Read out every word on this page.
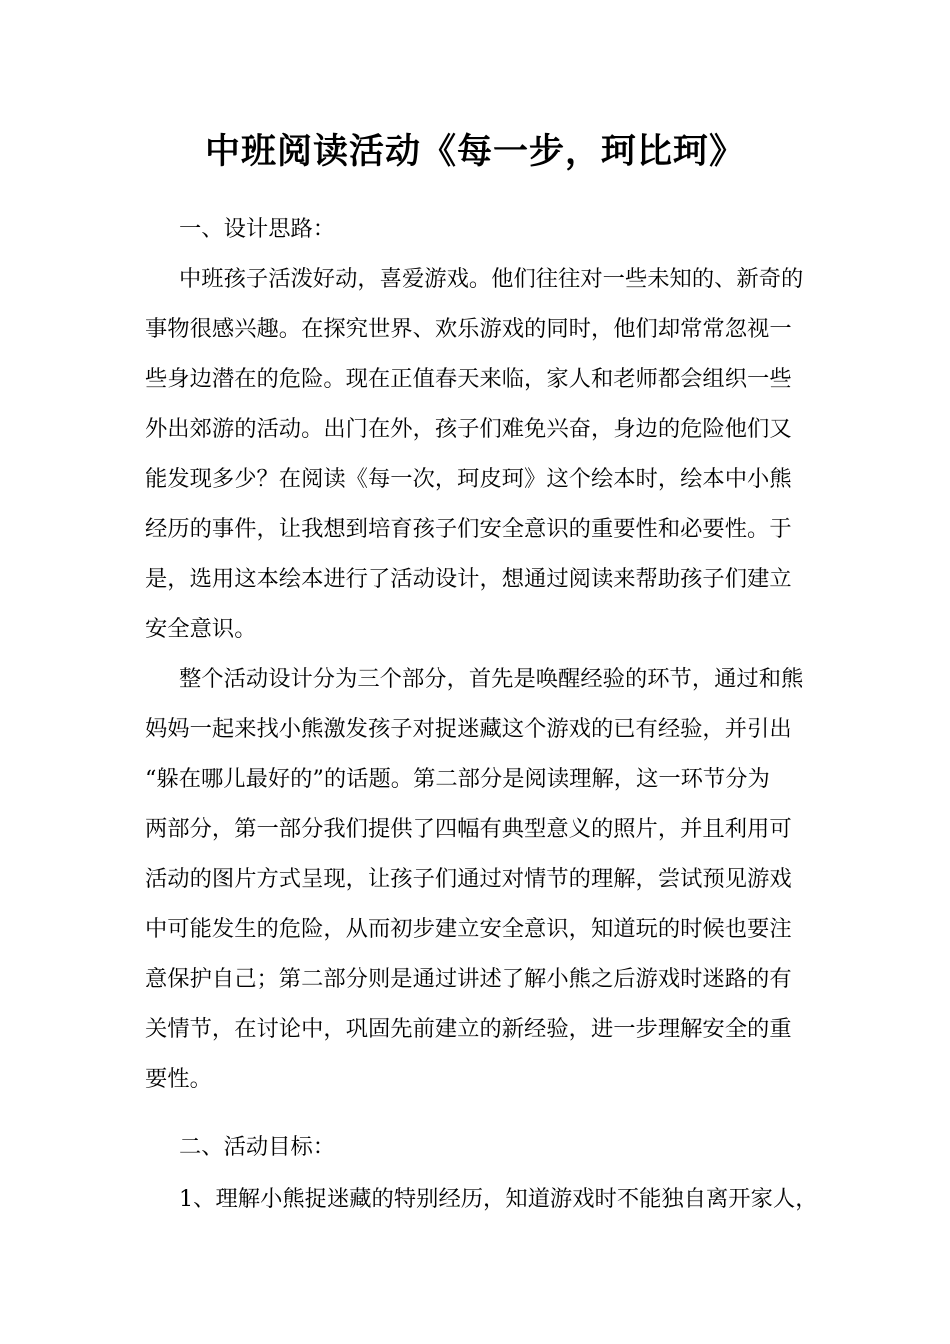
中班阅读活动《每一步，珂比珂》
一、设计思路：
中班孩子活泼好动，喜爱游戏。他们往往对一些未知的、新奇的
事物很感兴趣。在探究世界、欢乐游戏的同时，他们却常常忽视一
些身边潜在的危险。现在正值春天来临，家人和老师都会组织一些
外出郊游的活动。出门在外，孩子们难免兴奋，身边的危险他们又
能发现多少？在阅读《每一次，珂皮珂》这个绘本时，绘本中小熊
经历的事件，让我想到培育孩子们安全意识的重要性和必要性。于
是，选用这本绘本进行了活动设计，想通过阅读来帮助孩子们建立
安全意识。
整个活动设计分为三个部分，首先是唤醒经验的环节，通过和熊
妈妈一起来找小熊激发孩子对捉迷藏这个游戏的已有经验，并引出
“躲在哪儿最好的”的话题。第二部分是阅读理解，这一环节分为
两部分，第一部分我们提供了四幅有典型意义的照片，并且利用可
活动的图片方式呈现，让孩子们通过对情节的理解，尝试预见游戏
中可能发生的危险，从而初步建立安全意识，知道玩的时候也要注
意保护自己；第二部分则是通过讲述了解小熊之后游戏时迷路的有
关情节，在讨论中，巩固先前建立的新经验，进一步理解安全的重
要性。
二、活动目标：
1、理解小熊捉迷藏的特别经历，知道游戏时不能独自离开家人，
